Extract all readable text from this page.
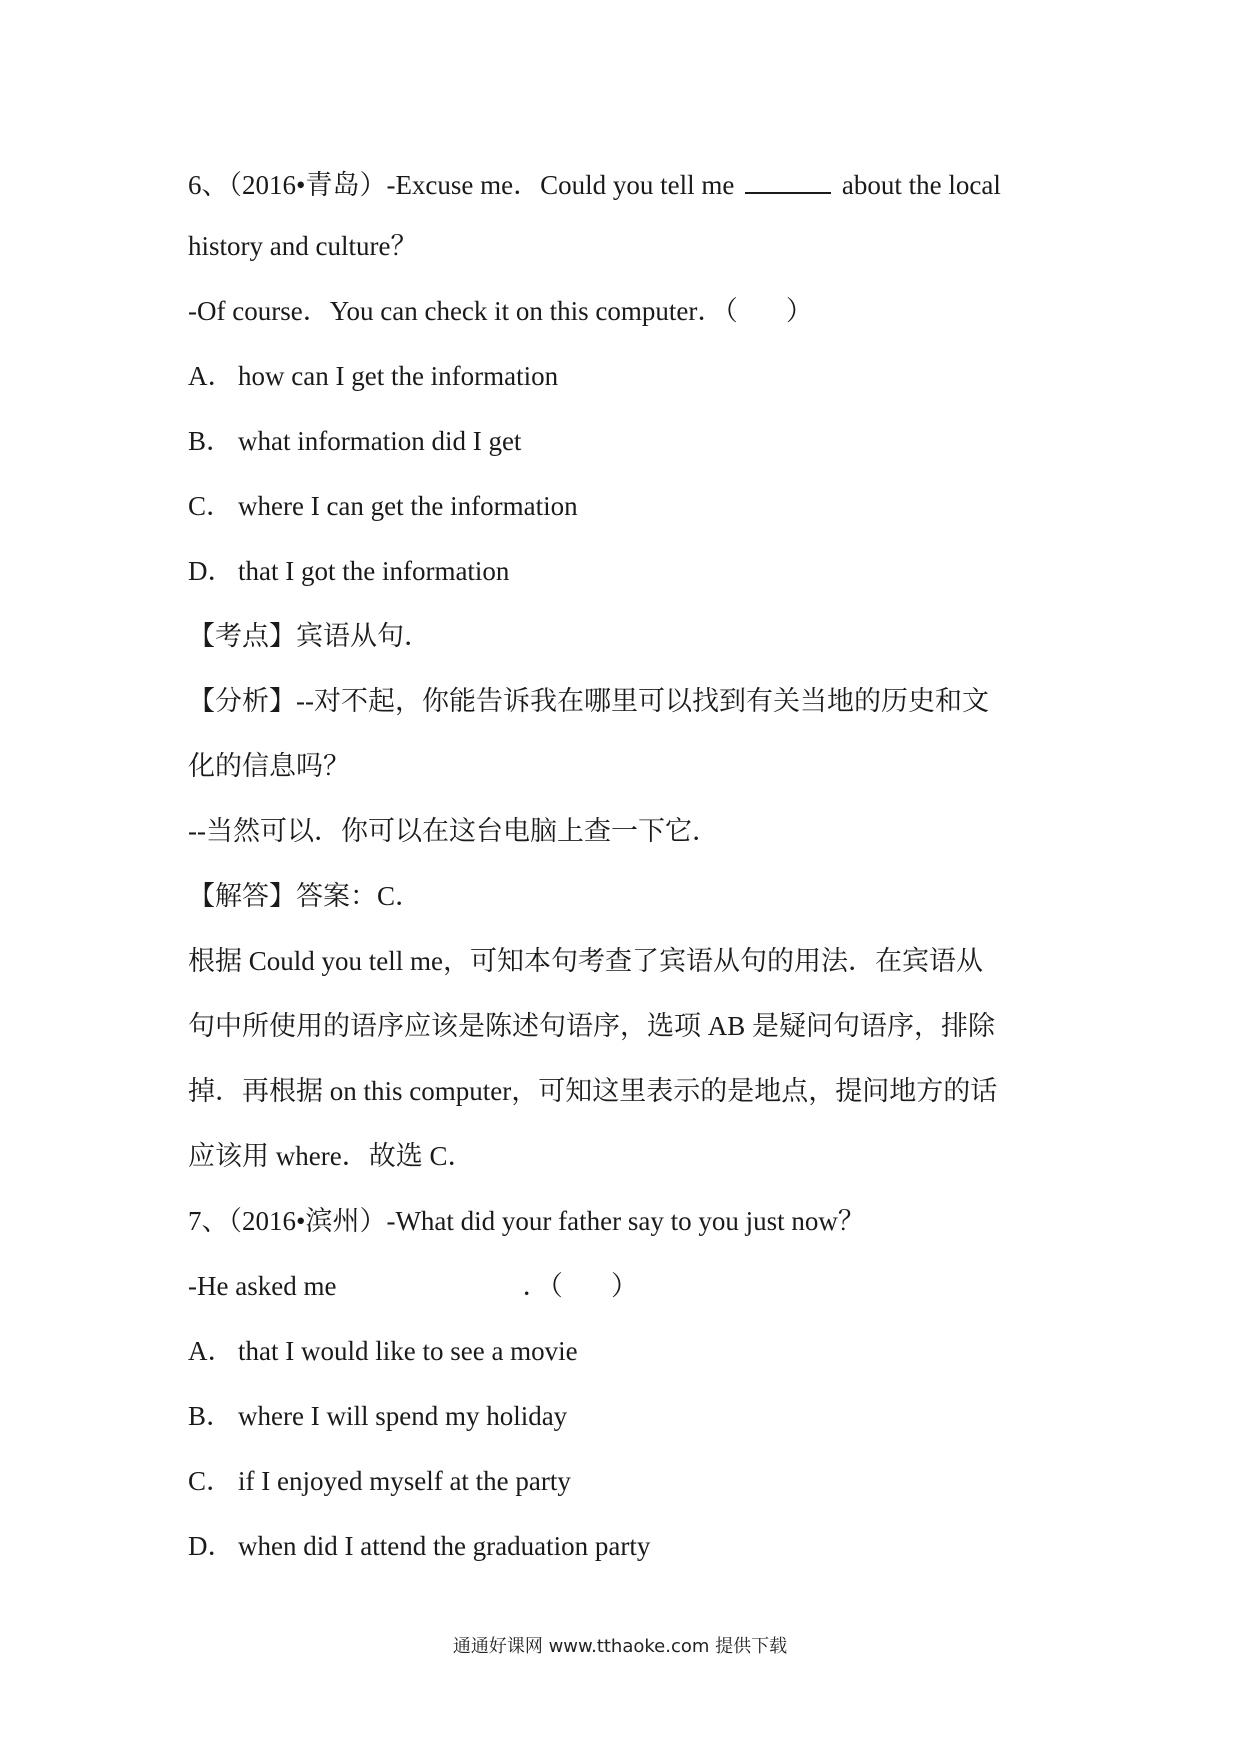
6、（2016•青岛）-Excuse me．Could you tell me	about the local
history and culture？
-Of course．You can check it on this computer．（ ）
A． how can I get the information
B． what information did I get
C． where I can get the information
D． that I got the information
【考点】宾语从句．
【分析】--对不起，你能告诉我在哪里可以找到有关当地的历史和文
化的信息吗？
--当然可以．你可以在这台电脑上查一下它．
【解答】答案：C．
根据 Could you tell me，可知本句考查了宾语从句的用法．在宾语从
句中所使用的语序应该是陈述句语序，选项 AB 是疑问句语序，排除
掉．再根据 on this computer，可知这里表示的是地点，提问地方的话
应该用 where．故选 C．
7、（2016•滨州）-What did your father say to you just now？
-He asked me	．（ ）
A． that I would like to see a movie
B． where I will spend my holiday
C． if I enjoyed myself at the party
D． when did I attend the graduation party
通通好课网 www.tthaoke.com 提供下载
